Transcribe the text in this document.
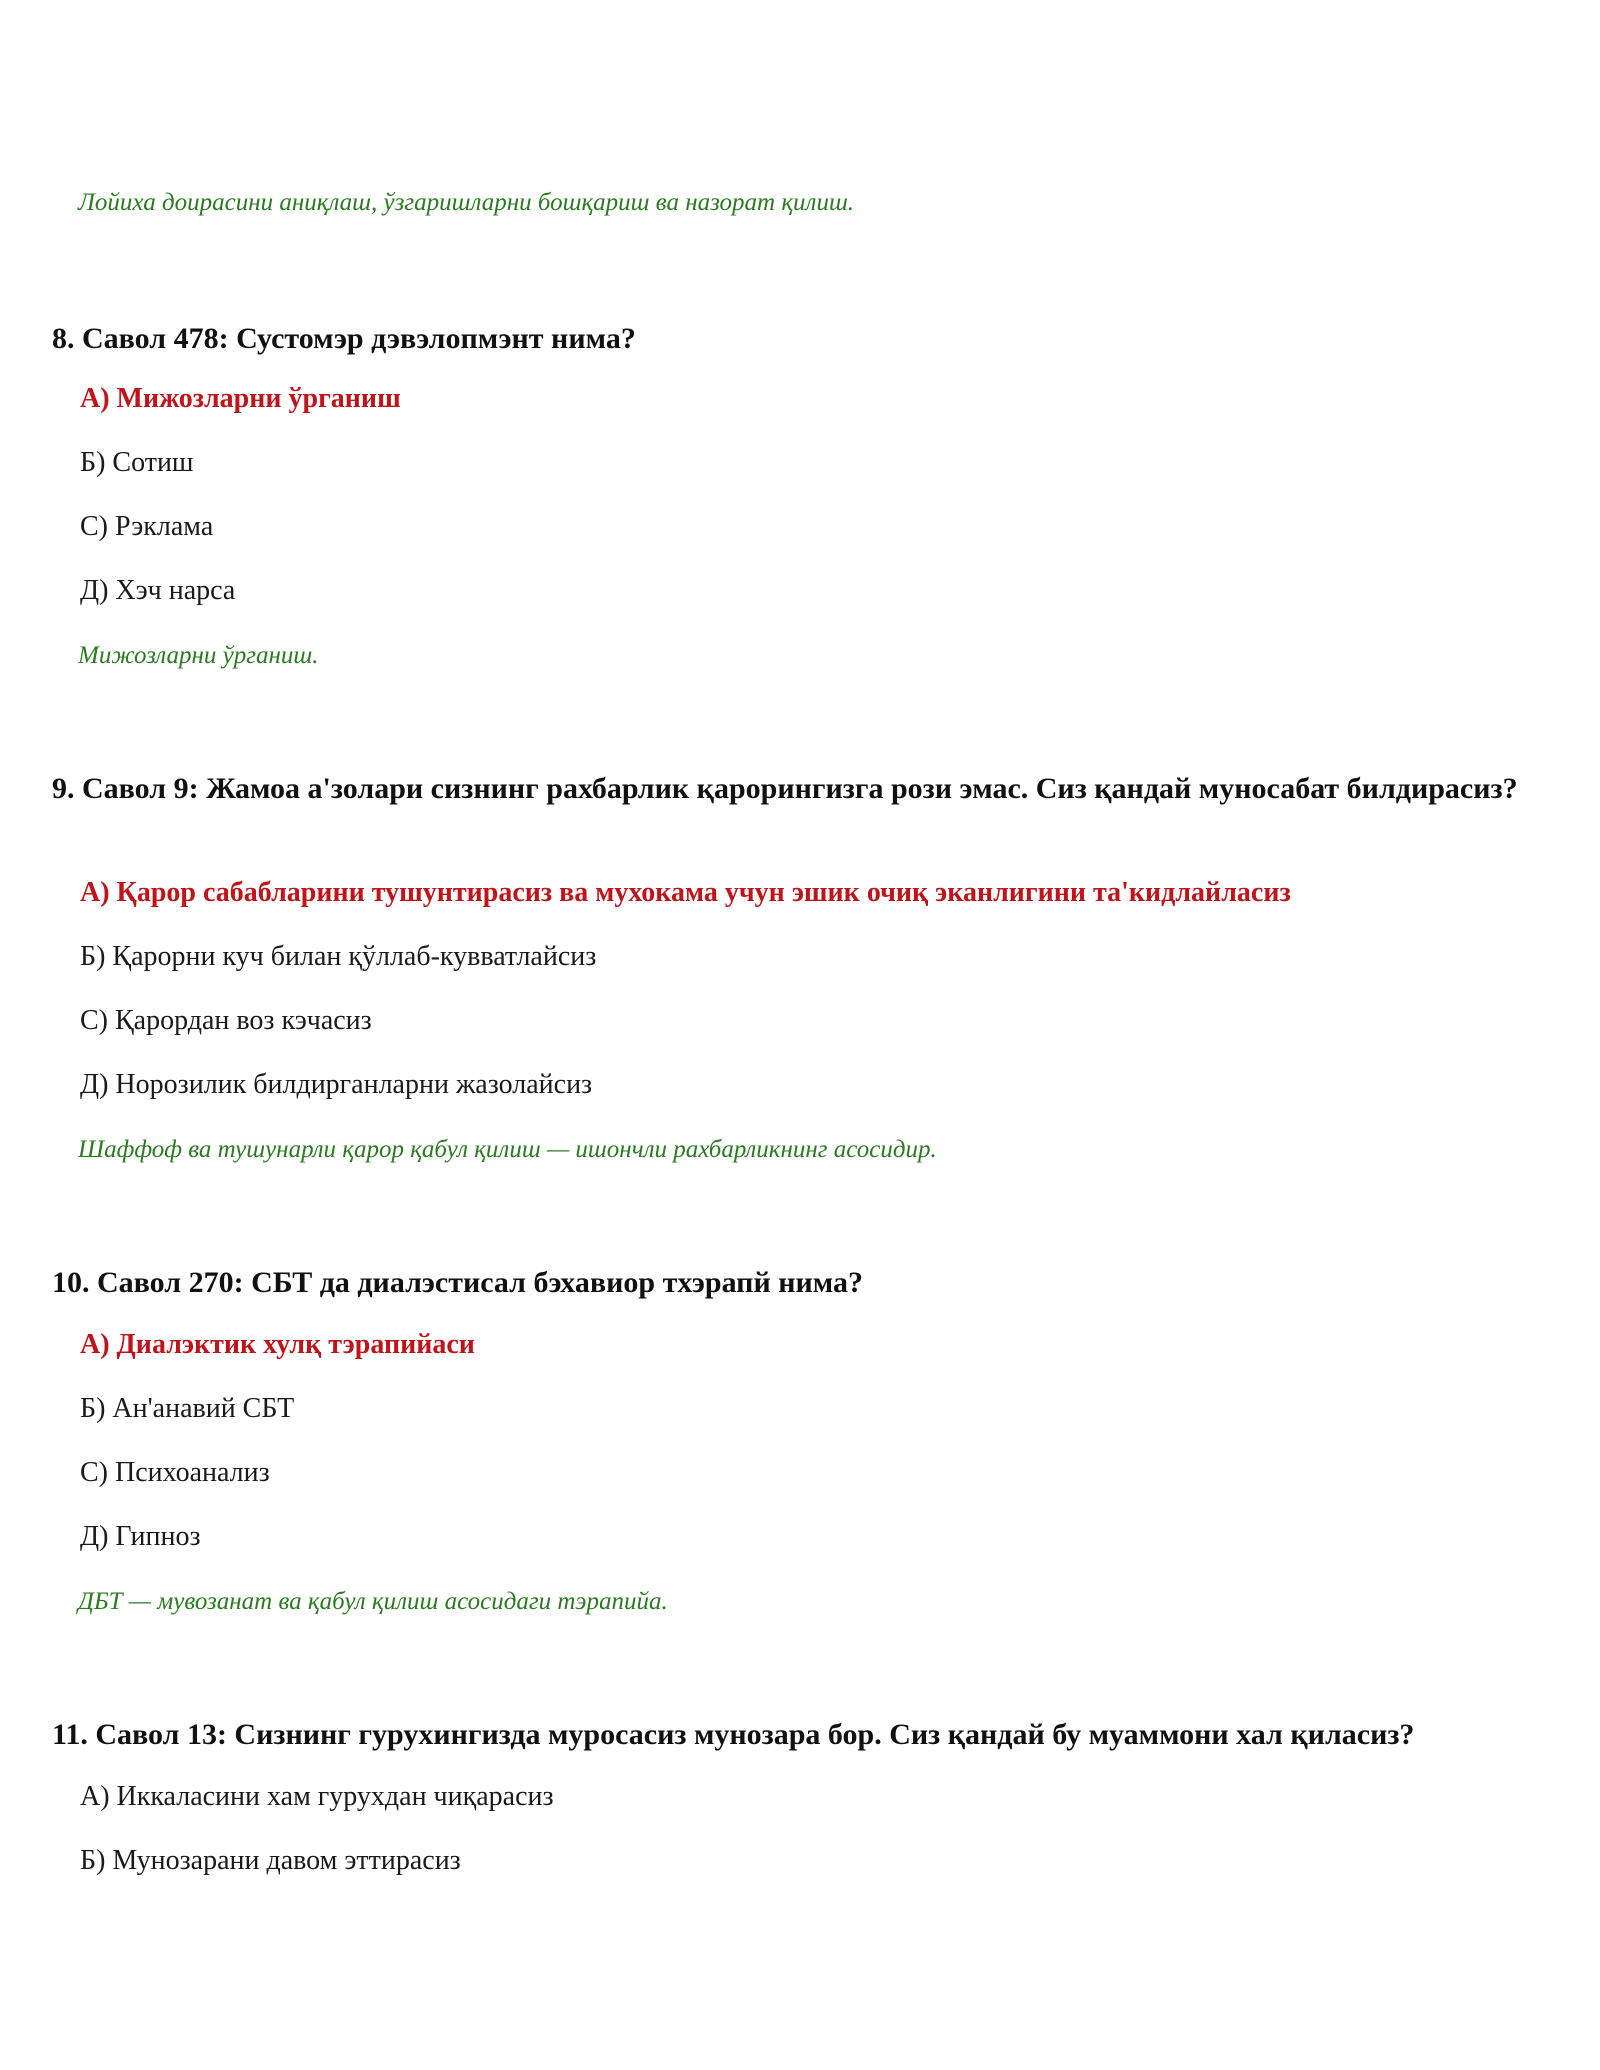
Лойиха доирасини аниқлаш, ўзгаришларни бошқариш ва назорат қилиш.
8. Савол 478: Сустомэр дэвэлопмэнт нима?
А) Мижозларни ўрганиш
Б) Сотиш
С) Рэклама
Д) Хэч нарса
Мижозларни ўрганиш.
9. Савол 9: Жамоа а'золари сизнинг рахбарлик қарорингизга рози эмас. Сиз қандай муносабат билдирасиз?
А) Қарор сабабларини тушунтирасиз ва мухокама учун эшик очиқ эканлигини та'кидлайласиз
Б) Қарорни куч билан қўллаб-кувватлайсиз
С) Қарордан воз кэчасиз
Д) Норозилик билдирганларни жазолайсиз
Шаффоф ва тушунарли қарор қабул қилиш — ишончли рахбарликнинг асосидир.
10. Савол 270: СБТ да диалэстисал бэхавиор тхэрапй нима?
А) Диалэктик хулқ тэрапийаси
Б) Ан'анавий СБТ
С) Психоанализ
Д) Гипноз
ДБТ — мувозанат ва қабул қилиш асосидаги тэрапийа.
11. Савол 13: Сизнинг гурухингизда муросасиз мунозара бор. Сиз қандай бу муаммони хал қиласиз?
А) Иккаласини хам гурухдан чиқарасиз
Б) Мунозарани давом эттирасиз
